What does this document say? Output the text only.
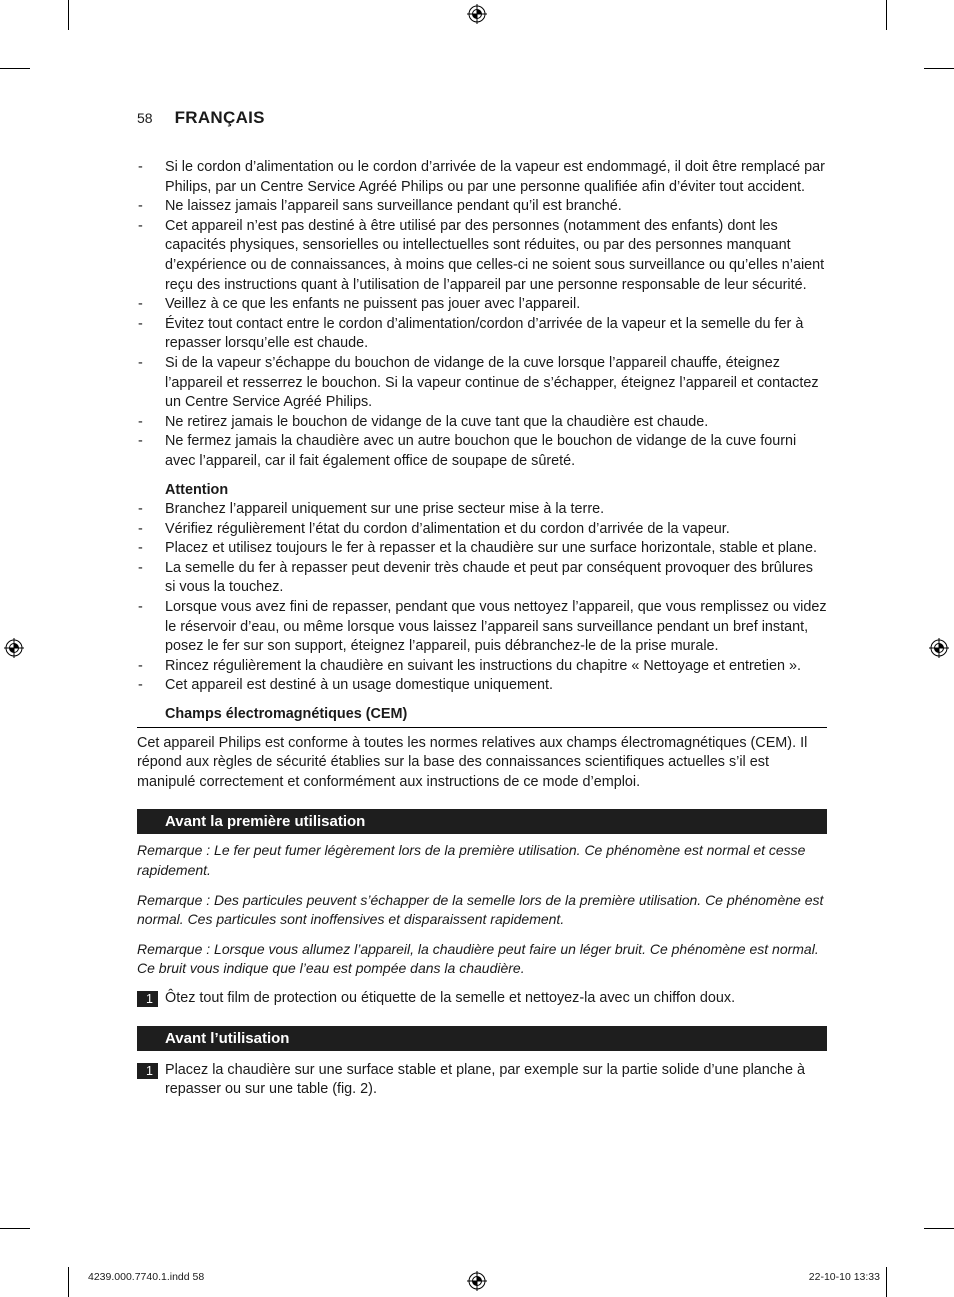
58 FRANÇAIS
- Si le cordon d’alimentation ou le cordon d’arrivée de la vapeur est endommagé, il doit être remplacé par Philips, par un Centre Service Agréé Philips ou par une personne qualifiée afin d’éviter tout accident.
- Ne laissez jamais l’appareil sans surveillance pendant qu’il est branché.
- Cet appareil n’est pas destiné à être utilisé par des personnes (notamment des enfants) dont les capacités physiques, sensorielles ou intellectuelles sont réduites, ou par des personnes manquant d’expérience ou de connaissances, à moins que celles-ci ne soient sous surveillance ou qu’elles n’aient reçu des instructions quant à l’utilisation de l’appareil par une personne responsable de leur sécurité.
- Veillez à ce que les enfants ne puissent pas jouer avec l’appareil.
- Évitez tout contact entre le cordon d’alimentation/cordon d’arrivée de la vapeur et la semelle du fer à repasser lorsqu’elle est chaude.
- Si de la vapeur s’échappe du bouchon de vidange de la cuve lorsque l’appareil chauffe, éteignez l’appareil et resserrez le bouchon. Si la vapeur continue de s’échapper, éteignez l’appareil et contactez un Centre Service Agréé Philips.
- Ne retirez jamais le bouchon de vidange de la cuve tant que la chaudière est chaude.
- Ne fermez jamais la chaudière avec un autre bouchon que le bouchon de vidange de la cuve fourni avec l’appareil, car il fait également office de soupape de sûreté.
Attention
- Branchez l’appareil uniquement sur une prise secteur mise à la terre.
- Vérifiez régulièrement l’état du cordon d’alimentation et du cordon d’arrivée de la vapeur.
- Placez et utilisez toujours le fer à repasser et la chaudière sur une surface horizontale, stable et plane.
- La semelle du fer à repasser peut devenir très chaude et peut par conséquent provoquer des brûlures si vous la touchez.
- Lorsque vous avez fini de repasser, pendant que vous nettoyez l’appareil, que vous remplissez ou videz le réservoir d’eau, ou même lorsque vous laissez l’appareil sans surveillance pendant un bref instant, posez le fer sur son support, éteignez l’appareil, puis débranchez-le de la prise murale.
- Rincez régulièrement la chaudière en suivant les instructions du chapitre « Nettoyage et entretien ».
- Cet appareil est destiné à un usage domestique uniquement.
Champs électromagnétiques (CEM)

Cet appareil Philips est conforme à toutes les normes relatives aux champs électromagnétiques (CEM). Il répond aux règles de sécurité établies sur la base des connaissances scientifiques actuelles s’il est manipulé correctement et conformément aux instructions de ce mode d’emploi.

Avant la première utilisation

Remarque : Le fer peut fumer légèrement lors de la première utilisation. Ce phénomène est normal et cesse rapidement.

Remarque : Des particules peuvent s’échapper de la semelle lors de la première utilisation. Ce phénomène est normal. Ces particules sont inoffensives et disparaissent rapidement.

Remarque : Lorsque vous allumez l’appareil, la chaudière peut faire un léger bruit. Ce phénomène est normal. Ce bruit vous indique que l’eau est pompée dans la chaudière.

1 Ôtez tout film de protection ou étiquette de la semelle et nettoyez-la avec un chiffon doux.
Avant l’utilisation
1 Placez la chaudière sur une surface stable et plane, par exemple sur la partie solide d’une planche à repasser ou sur une table (fig. 2).
4239.000.7740.1.indd 58	22-10-10 13:33
